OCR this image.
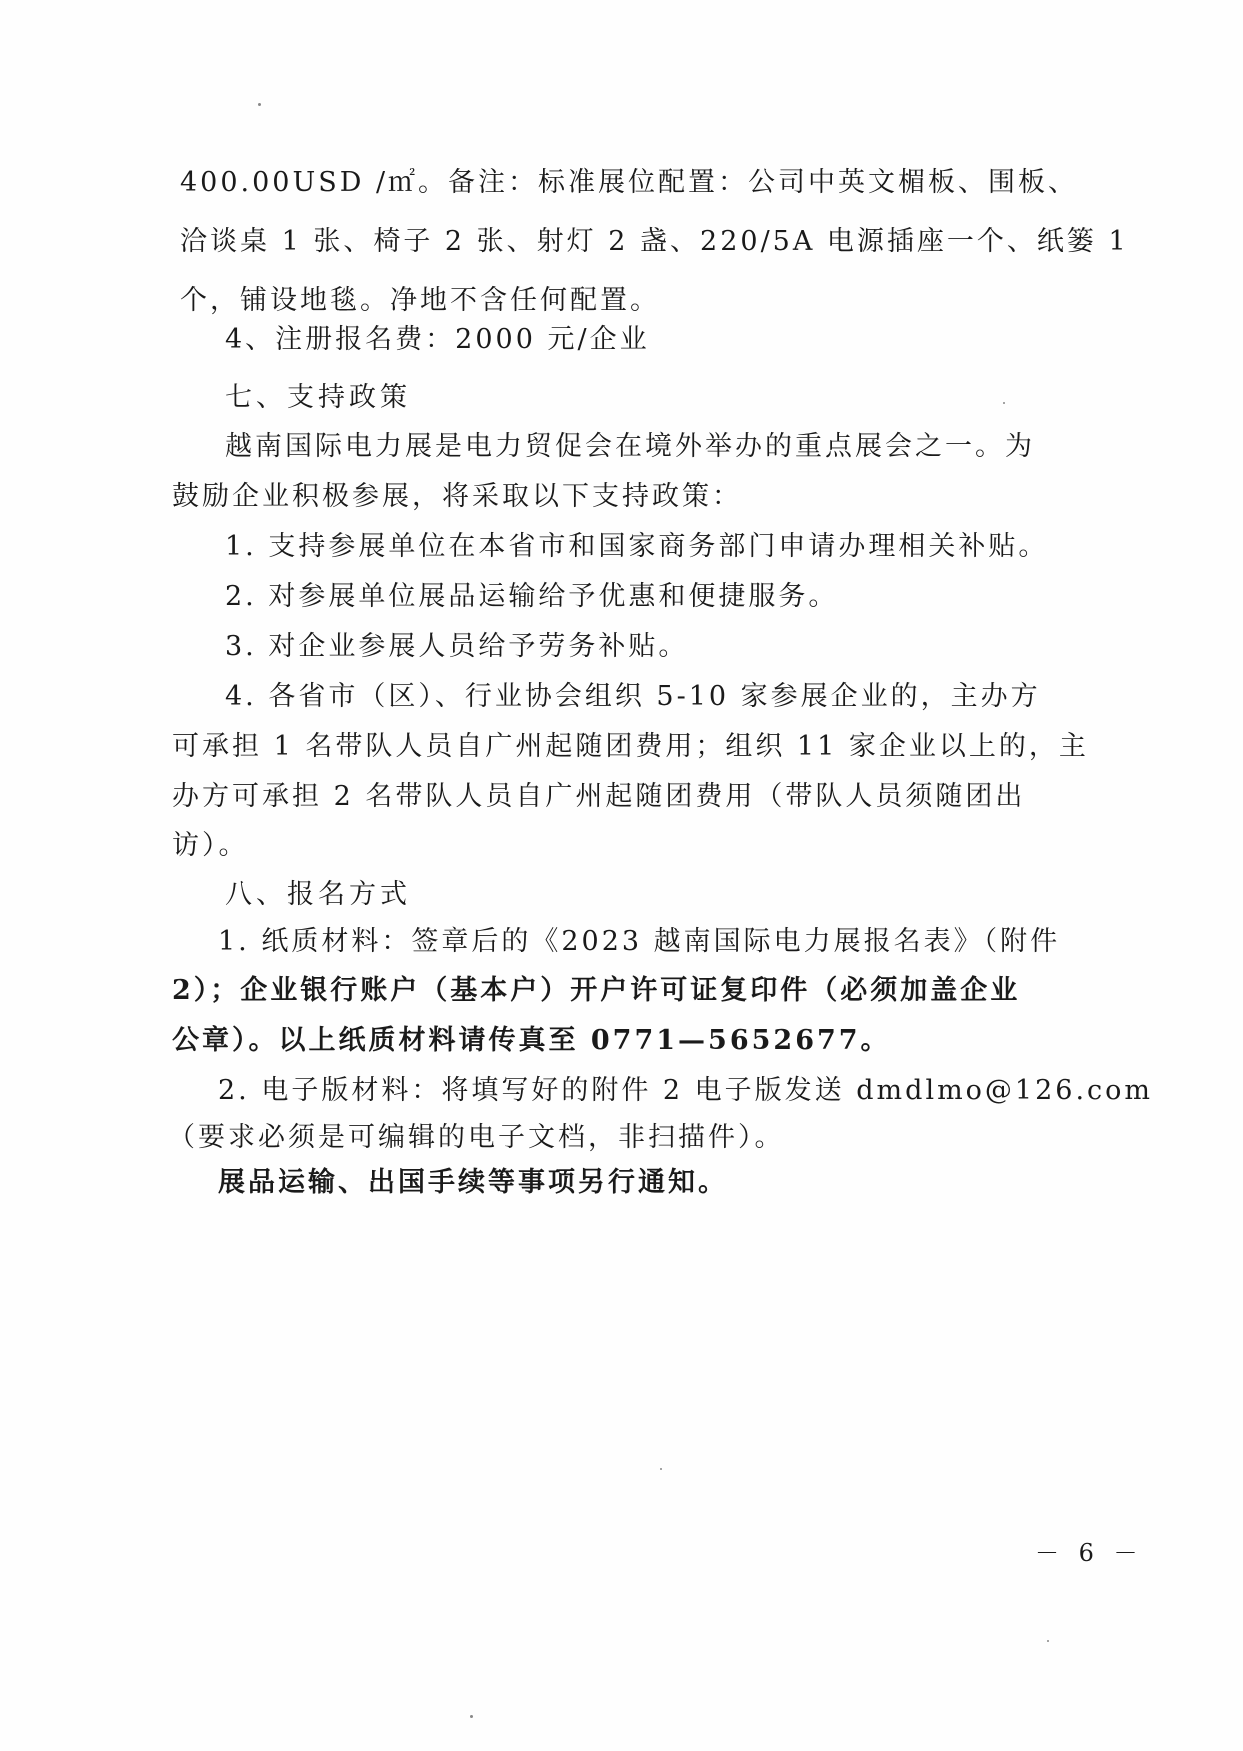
400.00USD /㎡。备注：标准展位配置：公司中英文楣板、围板、
洽谈桌 1 张、椅子 2 张、射灯 2 盏、220/5A 电源插座一个、纸篓 1
个，铺设地毯。净地不含任何配置。
4、注册报名费：2000 元/企业
七、支持政策
越南国际电力展是电力贸促会在境外举办的重点展会之一。为
鼓励企业积极参展，将采取以下支持政策：
1. 支持参展单位在本省市和国家商务部门申请办理相关补贴。
2. 对参展单位展品运输给予优惠和便捷服务。
3. 对企业参展人员给予劳务补贴。
4. 各省市（区）、行业协会组织 5-10 家参展企业的，主办方
可承担 1 名带队人员自广州起随团费用；组织 11 家企业以上的，主
办方可承担 2 名带队人员自广州起随团费用（带队人员须随团出
访）。
八、报名方式
1. 纸质材料：签章后的《2023 越南国际电力展报名表》（附件
2）；企业银行账户（基本户）开户许可证复印件（必须加盖企业
公章）。以上纸质材料请传真至 0771—5652677。
2. 电子版材料：将填写好的附件 2 电子版发送 dmdlmo@126.com
（要求必须是可编辑的电子文档，非扫描件）。
展品运输、出国手续等事项另行通知。
－ 6 －
